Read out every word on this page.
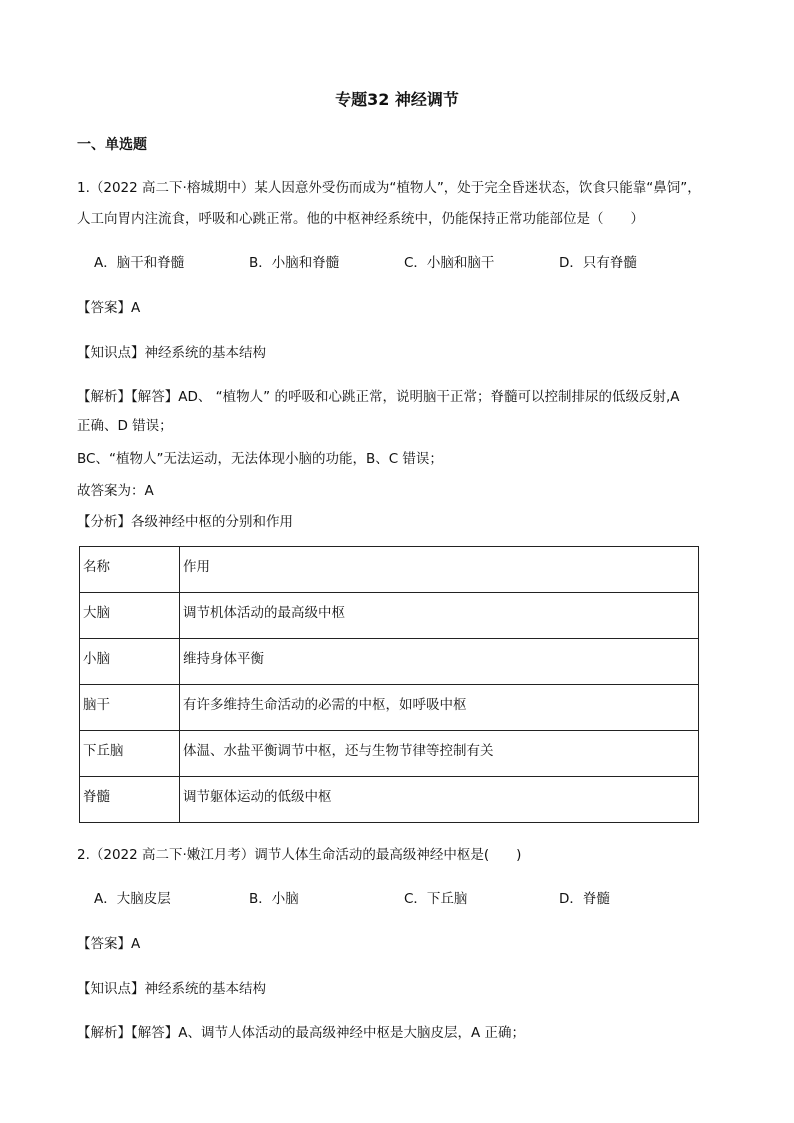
专题32 神经调节
一、单选题
1.（2022 高二下·榕城期中）某人因意外受伤而成为“植物人”，处于完全昏迷状态，饮食只能靠“鼻饲”，
人工向胃内注流食，呼吸和心跳正常。他的中枢神经系统中，仍能保持正常功能部位是（　　）
A．脑干和脊髓	B．小脑和脊髓	C．小脑和脑干	D．只有脊髓
【答案】A
【知识点】神经系统的基本结构
【解析】【解答】AD、 “植物人” 的呼吸和心跳正常，说明脑干正常；脊髓可以控制排尿的低级反射,A
正确、D 错误；
BC、“植物人”无法运动，无法体现小脑的功能，B、C 错误；
故答案为：A
【分析】各级神经中枢的分别和作用
名称	作用
大脑	调节机体活动的最高级中枢
小脑	维持身体平衡
脑干	有许多维持生命活动的必需的中枢，如呼吸中枢
下丘脑	体温、水盐平衡调节中枢，还与生物节律等控制有关
脊髓	调节躯体运动的低级中枢
2.（2022 高二下·嫩江月考）调节人体生命活动的最高级神经中枢是(　　)
A．大脑皮层	B．小脑	C．下丘脑	D．脊髓
【答案】A
【知识点】神经系统的基本结构
【解析】【解答】A、调节人体活动的最高级神经中枢是大脑皮层，A 正确；
